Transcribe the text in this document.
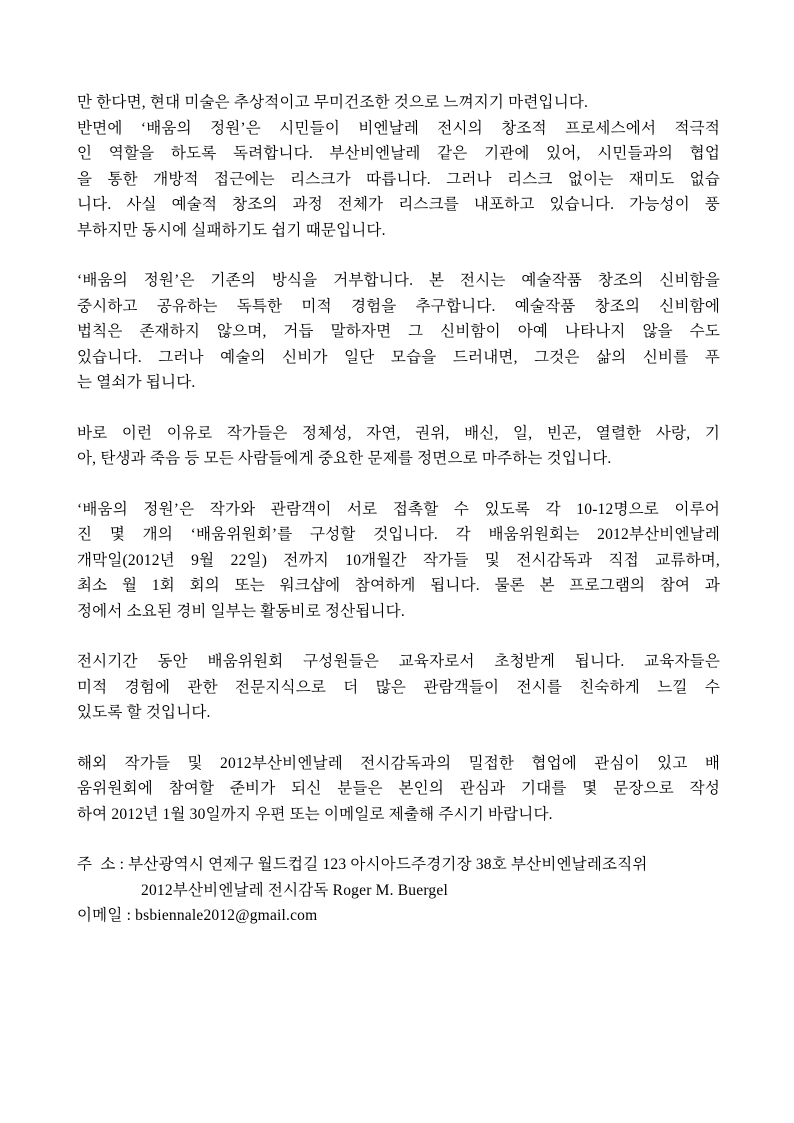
만 한다면, 현대 미술은 추상적이고 무미건조한 것으로 느껴지기 마련입니다.
반면에 ‘배움의 정원’은 시민들이 비엔날레 전시의 창조적 프로세스에서 적극적
인 역할을 하도록 독려합니다. 부산비엔날레 같은 기관에 있어, 시민들과의 협업
을 통한 개방적 접근에는 리스크가 따릅니다. 그러나 리스크 없이는 재미도 없습
니다. 사실 예술적 창조의 과정 전체가 리스크를 내포하고 있습니다. 가능성이 풍
부하지만 동시에 실패하기도 쉽기 때문입니다.
‘배움의 정원’은 기존의 방식을 거부합니다. 본 전시는 예술작품 창조의 신비함을
중시하고 공유하는 독특한 미적 경험을 추구합니다. 예술작품 창조의 신비함에
법칙은 존재하지 않으며, 거듭 말하자면 그 신비함이 아예 나타나지 않을 수도
있습니다. 그러나 예술의 신비가 일단 모습을 드러내면, 그것은 삶의 신비를 푸
는 열쇠가 됩니다.
바로 이런 이유로 작가들은 정체성, 자연, 권위, 배신, 일, 빈곤, 열렬한 사랑, 기
아, 탄생과 죽음 등 모든 사람들에게 중요한 문제를 정면으로 마주하는 것입니다.
‘배움의 정원’은 작가와 관람객이 서로 접촉할 수 있도록 각 10-12명으로 이루어
진 몇 개의 ‘배움위원회’를 구성할 것입니다. 각 배움위원회는 2012부산비엔날레
개막일(2012년 9월 22일) 전까지 10개월간 작가들 및 전시감독과 직접 교류하며,
최소 월 1회 회의 또는 워크샵에 참여하게 됩니다. 물론 본 프로그램의 참여 과
정에서 소요된 경비 일부는 활동비로 정산됩니다.
전시기간 동안 배움위원회 구성원들은 교육자로서 초청받게 됩니다. 교육자들은
미적 경험에 관한 전문지식으로 더 많은 관람객들이 전시를 친숙하게 느낄 수
있도록 할 것입니다.
해외 작가들 및 2012부산비엔날레 전시감독과의 밀접한 협업에 관심이 있고 배
움위원회에 참여할 준비가 되신 분들은 본인의 관심과 기대를 몇 문장으로 작성
하여 2012년 1월 30일까지 우편 또는 이메일로 제출해 주시기 바랍니다.
주  소 : 부산광역시 연제구 월드컵길 123 아시아드주경기장 38호 부산비엔날레조직위
2012부산비엔날레 전시감독 Roger M. Buergel
이메일 : bsbiennale2012@gmail.com
